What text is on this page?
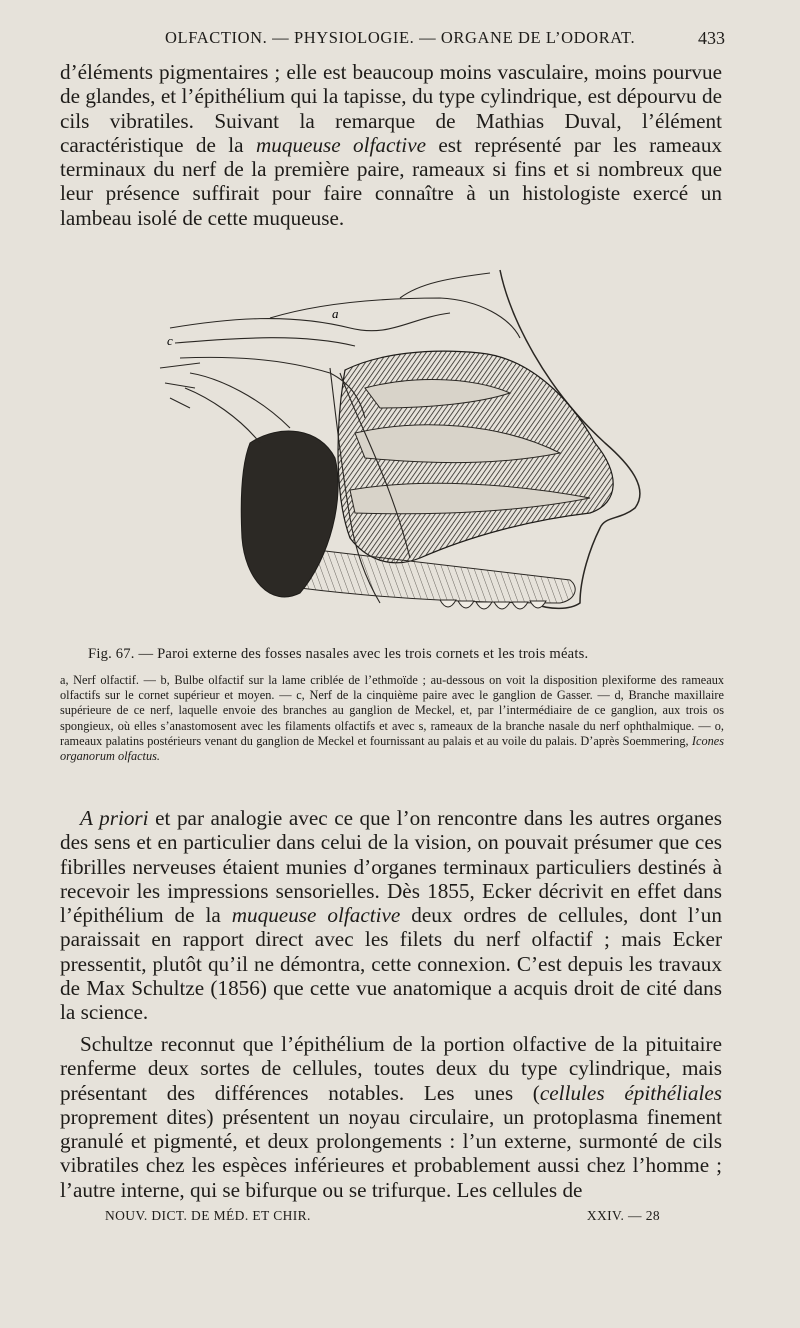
OLFACTION. — PHYSIOLOGIE. — ORGANE DE L’ODORAT.	433

d’éléments pigmentaires ; elle est beaucoup moins vasculaire, moins pourvue de glandes, et l’épithélium qui la tapisse, du type cylindrique, est dépourvu de cils vibratiles. Suivant la remarque de Mathias Duval, l’élément caractéristique de la muqueuse olfactive est représenté par les rameaux terminaux du nerf de la première paire, rameaux si fins et si nombreux que leur présence suffirait pour faire connaître à un histologiste exercé un lambeau isolé de cette muqueuse.

a
c
Fig. 67. — Paroi externe des fosses nasales avec les trois cornets et les trois méats.

a, Nerf olfactif. — b, Bulbe olfactif sur la lame criblée de l’ethmoïde ; au-dessous on voit la disposition plexiforme des rameaux olfactifs sur le cornet supérieur et moyen. — c, Nerf de la cinquième paire avec le ganglion de Gasser. — d, Branche maxillaire supérieure de ce nerf, laquelle envoie des branches au ganglion de Meckel, et, par l’intermédiaire de ce ganglion, aux trois os spongieux, où elles s’anastomosent avec les filaments olfactifs et avec s, rameaux de la branche nasale du nerf ophthalmique. — o, rameaux palatins postérieurs venant du ganglion de Meckel et fournissant au palais et au voile du palais. D’après Soemmering, Icones organorum olfactus.

A priori et par analogie avec ce que l’on rencontre dans les autres organes des sens et en particulier dans celui de la vision, on pouvait présumer que ces fibrilles nerveuses étaient munies d’organes terminaux particuliers destinés à recevoir les impressions sensorielles. Dès 1855, Ecker décrivit en effet dans l’épithélium de la muqueuse olfactive deux ordres de cellules, dont l’un paraissait en rapport direct avec les filets du nerf olfactif ; mais Ecker pressentit, plutôt qu’il ne démontra, cette connexion. C’est depuis les travaux de Max Schultze (1856) que cette vue anatomique a acquis droit de cité dans la science.

Schultze reconnut que l’épithélium de la portion olfactive de la pituitaire renferme deux sortes de cellules, toutes deux du type cylindrique, mais présentant des différences notables. Les unes (cellules épithéliales proprement dites) présentent un noyau circulaire, un protoplasma finement granulé et pigmenté, et deux prolongements : l’un externe, surmonté de cils vibratiles chez les espèces inférieures et probablement aussi chez l’homme ; l’autre interne, qui se bifurque ou se trifurque. Les cellules de

NOUV. DICT. DE MÉD. ET CHIR.	XXIV. — 28
